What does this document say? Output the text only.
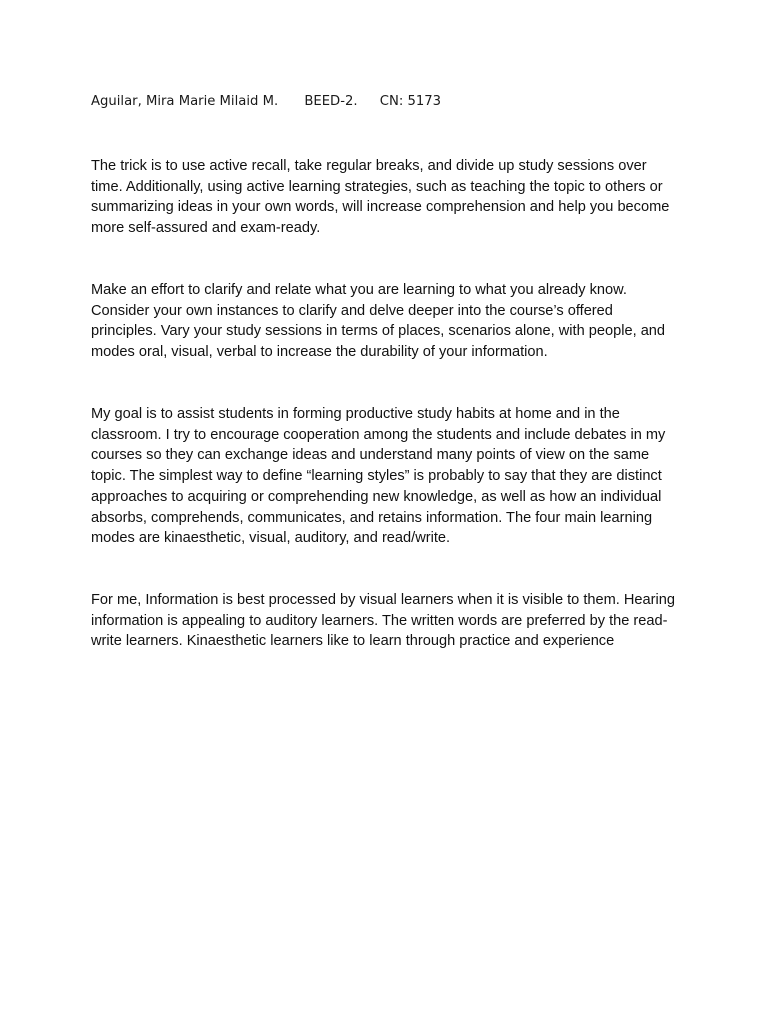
Aguilar, Mira Marie Milaid M. BEED-2. CN: 5173

The trick is to use active recall, take regular breaks, and divide up study sessions over time. Additionally, using active learning strategies, such as teaching the topic to others or summarizing ideas in your own words, will increase comprehension and help you become more self-assured and exam-ready.

Make an effort to clarify and relate what you are learning to what you already know. Consider your own instances to clarify and delve deeper into the course’s offered principles. Vary your study sessions in terms of places, scenarios alone, with people, and modes oral, visual, verbal to increase the durability of your information.

My goal is to assist students in forming productive study habits at home and in the classroom. I try to encourage cooperation among the students and include debates in my courses so they can exchange ideas and understand many points of view on the same topic. The simplest way to define “learning styles” is probably to say that they are distinct approaches to acquiring or comprehending new knowledge, as well as how an individual absorbs, comprehends, communicates, and retains information. The four main learning modes are kinaesthetic, visual, auditory, and read/write.

For me, Information is best processed by visual learners when it is visible to them. Hearing information is appealing to auditory learners. The written words are preferred by the read-write learners. Kinaesthetic learners like to learn through practice and experience
